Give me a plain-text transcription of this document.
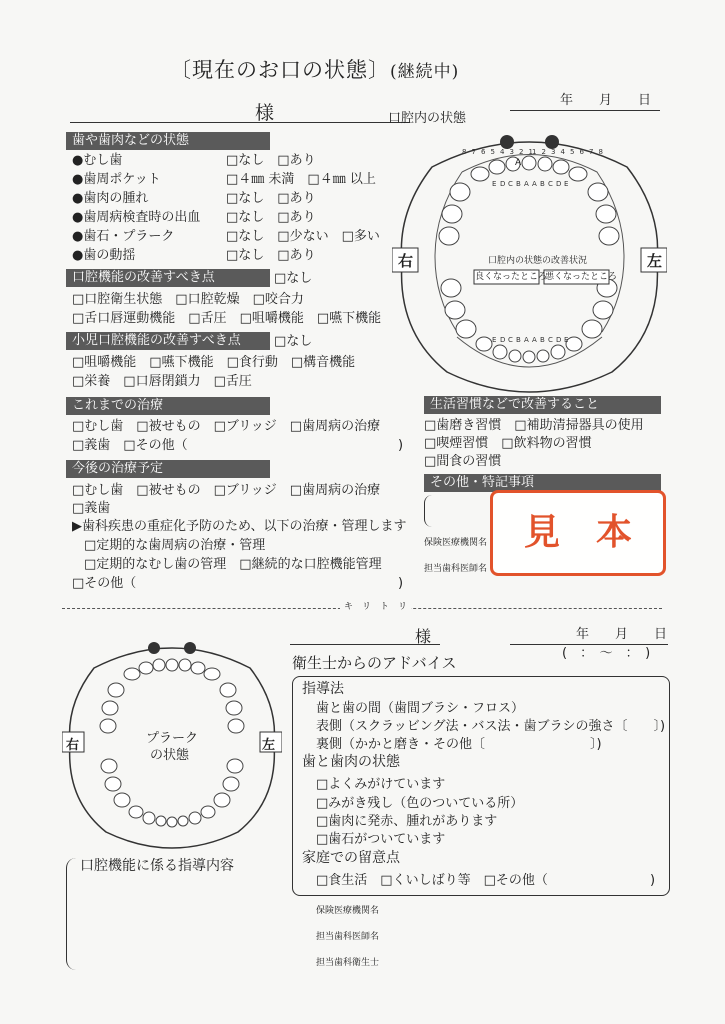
〔現在のお口の状態〕(継続中)
様
年　　月　　日
口腔内の状態
歯や歯肉などの状態
●むし歯	□なし　□あり
●歯周ポケット	□４㎜ 未満　□４㎜ 以上
●歯肉の腫れ	□なし　□あり
●歯周病検査時の出血 □なし　□あり
●歯石・プラーク	□なし　□少ない　□多い
●歯の動揺	□なし　□あり
口腔機能の改善すべき点	□なし
□口腔衛生状態　□口腔乾燥　□咬合力
□舌口唇運動機能　□舌圧　□咀嚼機能　□嚥下機能
小児口腔機能の改善すべき点	□なし
□咀嚼機能　□嚥下機能　□食行動　□構音機能
□栄養　□口唇閉鎖力　□舌圧
これまでの治療
□むし歯　□被せもの　□ブリッジ　□歯周病の治療
□義歯　□その他（	)
今後の治療予定
□むし歯　□被せもの　□ブリッジ　□歯周病の治療
□義歯
▶歯科疾患の重症化予防のため、以下の治療・管理します
□定期的な歯周病の治療・管理
□定期的なむし歯の管理　□継続的な口腔機能管理
□その他（	)
8 7 6 5 4 3 2 1 1 2 3 4 5 6 7 8
E
E
D
D
C
C
B
B
A
A
A
A
B
B
C
C
D
D
E
E
右	左
口腔内の状態の改善状況
良くなったところ
悪くなったところ
A
生活習慣などで改善すること
□歯磨き習慣　□補助清掃器具の使用
□喫煙習慣　□飲料物の習慣
□間食の習慣
その他・特記事項
保険医療機関名
担当歯科医師名
見　本
キ　リ　ト　リ
右	左
プラーク
の状態
様	年　　月　　日
(　：　〜　：　)
衛生士からのアドバイス
指導法
歯と歯の間（歯間ブラシ・フロス）
表側（スクラッビング法・バス法・歯ブラシの強さ〔　　〕)
裏側（かかと磨き・その他〔	〕)
歯と歯肉の状態
□よくみがけています
□みがき残し（色のついている所）
□歯肉に発赤、腫れがあります
□歯石がついています
家庭での留意点
□食生活　□くいしばり等　□その他（	)
保険医療機関名
担当歯科医師名
担当歯科衛生士
口腔機能に係る指導内容
